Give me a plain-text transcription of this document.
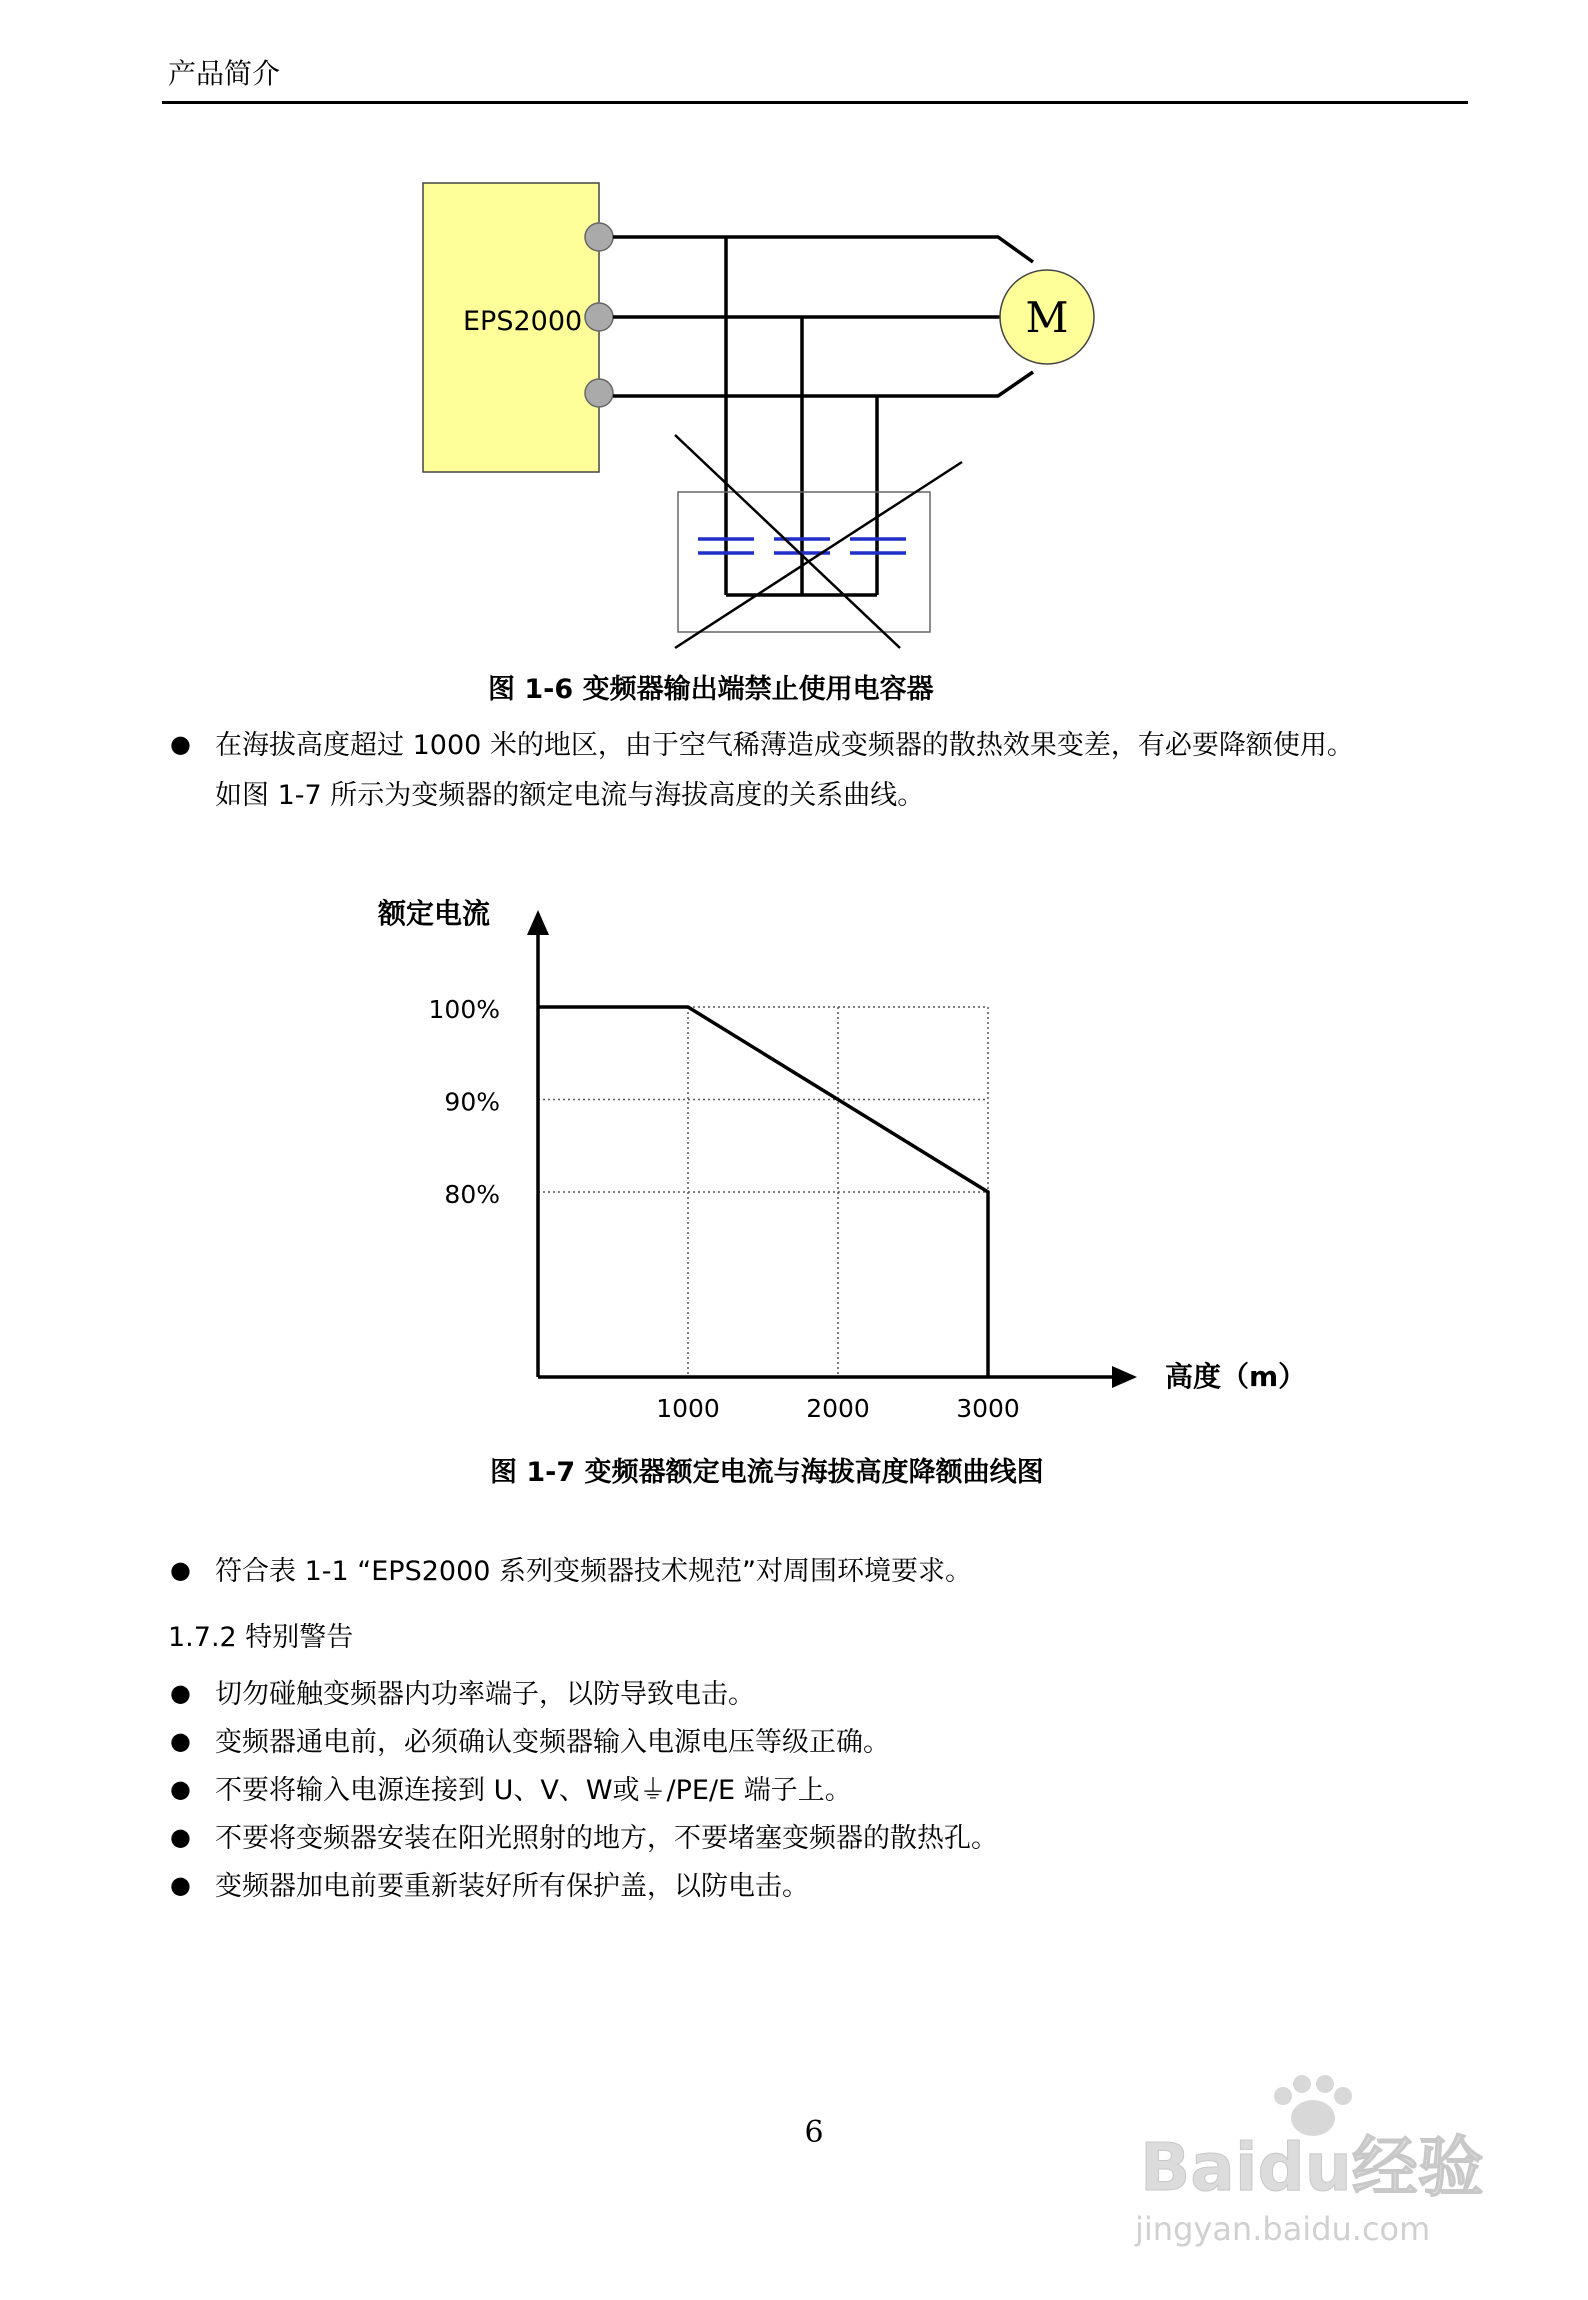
产品简介
EPS2000	M
图 1-6 变频器输出端禁止使用电容器
● 在海拔高度超过 1000 米的地区，由于空气稀薄造成变频器的散热效果变差，有必要降额使用。
如图 1-7 所示为变频器的额定电流与海拔高度的关系曲线。
1000	2000	3000
100%
90%
80%
额定电流
高度（m）
图 1-7 变频器额定电流与海拔高度降额曲线图
● 符合表 1-1 “EPS2000 系列变频器技术规范”对周围环境要求。
1.7.2 特别警告
● 切勿碰触变频器内功率端子，以防导致电击。
● 变频器通电前，必须确认变频器输入电源电压等级正确。
● 不要将输入电源连接到 U、V、W或⏚/PE/E 端子上。
● 不要将变频器安装在阳光照射的地方，不要堵塞变频器的散热孔。
● 变频器加电前要重新装好所有保护盖，以防电击。
6	Baidu经验
jingyan.baidu.com
